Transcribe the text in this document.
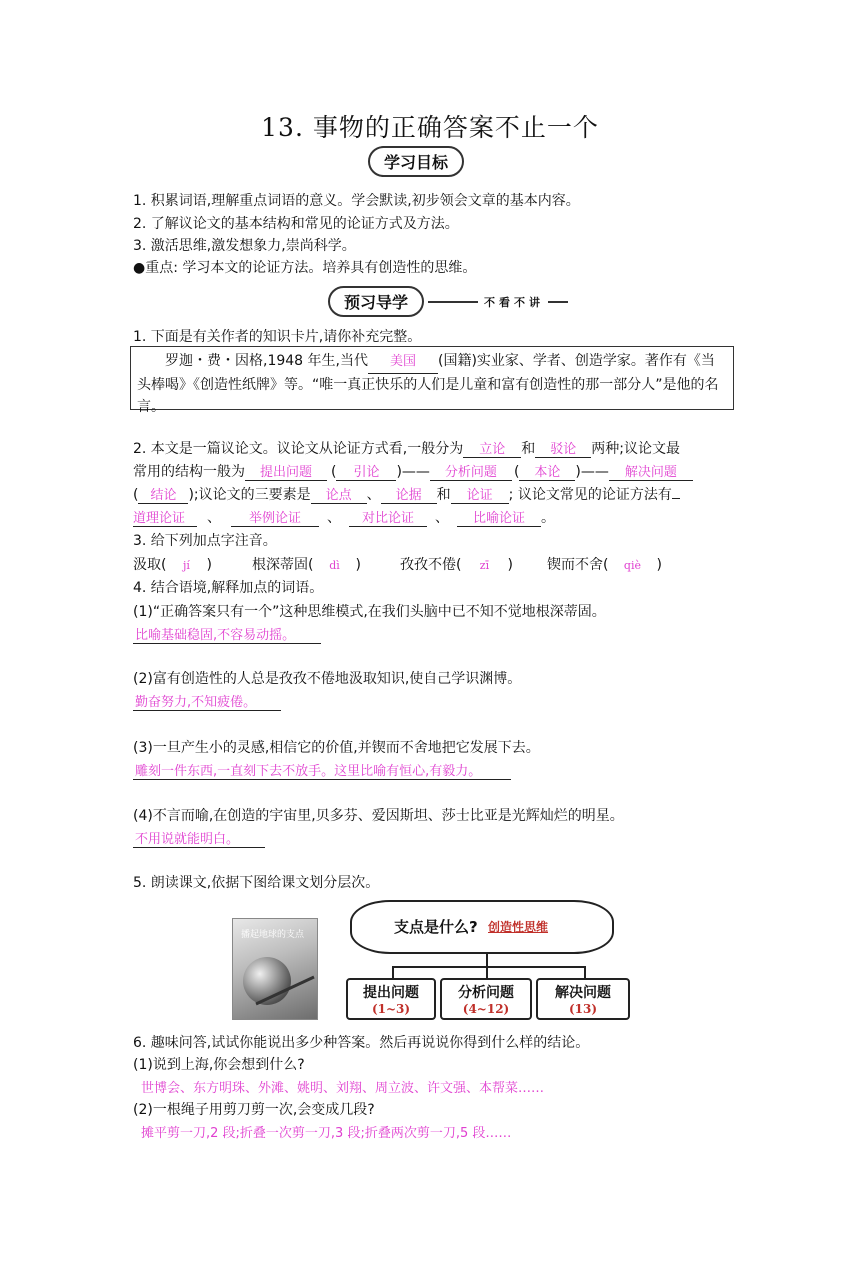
13. 事物的正确答案不止一个
学习目标
1. 积累词语,理解重点词语的意义。学会默读,初步领会文章的基本内容。
2. 了解议论文的基本结构和常见的论证方式及方法。
3. 激活思维,激发想象力,崇尚科学。
●重点: 学习本文的论证方法。培养具有创造性的思维。
预习导学	不看不讲
1. 下面是有关作者的知识卡片,请你补充完整。
罗迦・费・因格,1948 年生,当代 美国 (国籍)实业家、学者、创造学家。著作有《当头棒喝》《创造性纸牌》等。“唯一真正快乐的人们是儿童和富有创造性的那一部分人”是他的名言。
2. 本文是一篇议论文。议论文从论证方式看,一般分为 立论 和 驳论 两种;议论文最
常用的结构一般为 提出问题 ( 引论 )—— 分析问题 ( 本论 )—— 解决问题
( 结论 );议论文的三要素是 论点 、 论据 和 论证 ; 议论文常见的论证方法有
道理论证 、 举例论证 、 对比论证 、 比喻论证 。
3. 给下列加点字注音。
汲取( jí )	根深蒂固( dì )	孜孜不倦( zī ) 锲而不舍( qiè )
4. 结合语境,解释加点的词语。
(1)“正确答案只有一个”这种思维模式,在我们头脑中已不知不觉地根深蒂固。
比喻基础稳固,不容易动摇。
(2)富有创造性的人总是孜孜不倦地汲取知识,使自己学识渊博。
勤奋努力,不知疲倦。
(3)一旦产生小的灵感,相信它的价值,并锲而不舍地把它发展下去。
雕刻一件东西,一直刻下去不放手。这里比喻有恒心,有毅力。
(4)不言而喻,在创造的宇宙里,贝多芬、爱因斯坦、莎士比亚是光辉灿烂的明星。
不用说就能明白。
5. 朗读课文,依据下图给课文划分层次。
播起地球的支点	支点是什么? 创造性思维
提出问题
(1~3)
分析问题
(4~12)
解决问题
(13)
6. 趣味问答,试试你能说出多少种答案。然后再说说你得到什么样的结论。
(1)说到上海,你会想到什么?
世博会、东方明珠、外滩、姚明、刘翔、周立波、许文强、本帮菜……
(2)一根绳子用剪刀剪一次,会变成几段?
摊平剪一刀,2 段;折叠一次剪一刀,3 段;折叠两次剪一刀,5 段……
